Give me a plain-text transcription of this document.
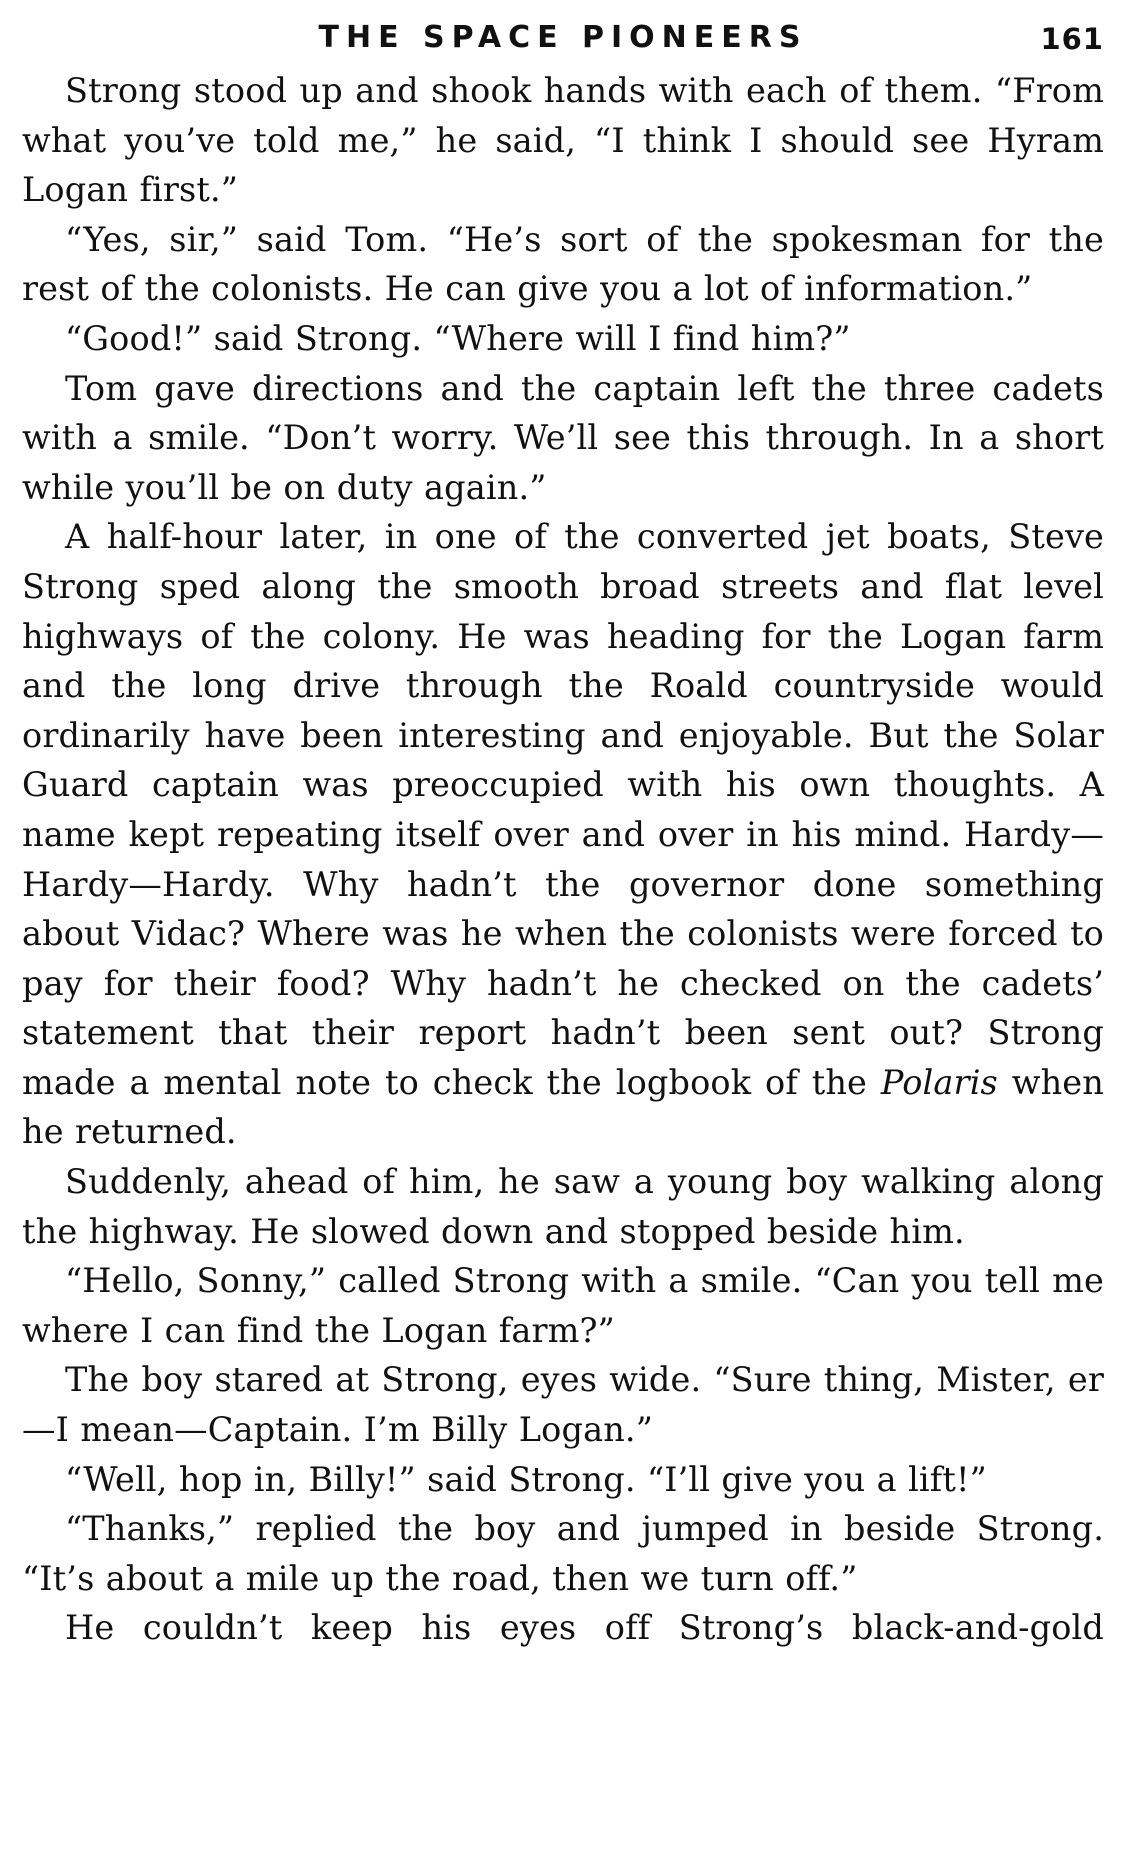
THE SPACE PIONEERS	161

Strong stood up and shook hands with each of them. “From what you’ve told me,” he said, “I think I should see Hyram Logan first.”

“Yes, sir,” said Tom. “He’s sort of the spokesman for the rest of the colonists. He can give you a lot of information.”

“Good!” said Strong. “Where will I find him?”

Tom gave directions and the captain left the three cadets with a smile. “Don’t worry. We’ll see this through. In a short while you’ll be on duty again.”

A half-hour later, in one of the converted jet boats, Steve Strong sped along the smooth broad streets and flat level highways of the colony. He was heading for the Logan farm and the long drive through the Roald countryside would ordinarily have been interesting and enjoyable. But the Solar Guard captain was preoccupied with his own thoughts. A name kept repeating itself over and over in his mind. Hardy—Hardy—Hardy. Why hadn’t the governor done something about Vidac? Where was he when the colonists were forced to pay for their food? Why hadn’t he checked on the cadets’ statement that their report hadn’t been sent out? Strong made a mental note to check the logbook of the Polaris when he returned.

Suddenly, ahead of him, he saw a young boy walking along the highway. He slowed down and stopped beside him.

“Hello, Sonny,” called Strong with a smile. “Can you tell me where I can find the Logan farm?”

The boy stared at Strong, eyes wide. “Sure thing, Mister, er—I mean—Captain. I’m Billy Logan.”

“Well, hop in, Billy!” said Strong. “I’ll give you a lift!”

“Thanks,” replied the boy and jumped in beside Strong. “It’s about a mile up the road, then we turn off.”

He couldn’t keep his eyes off Strong’s black-and-gold
